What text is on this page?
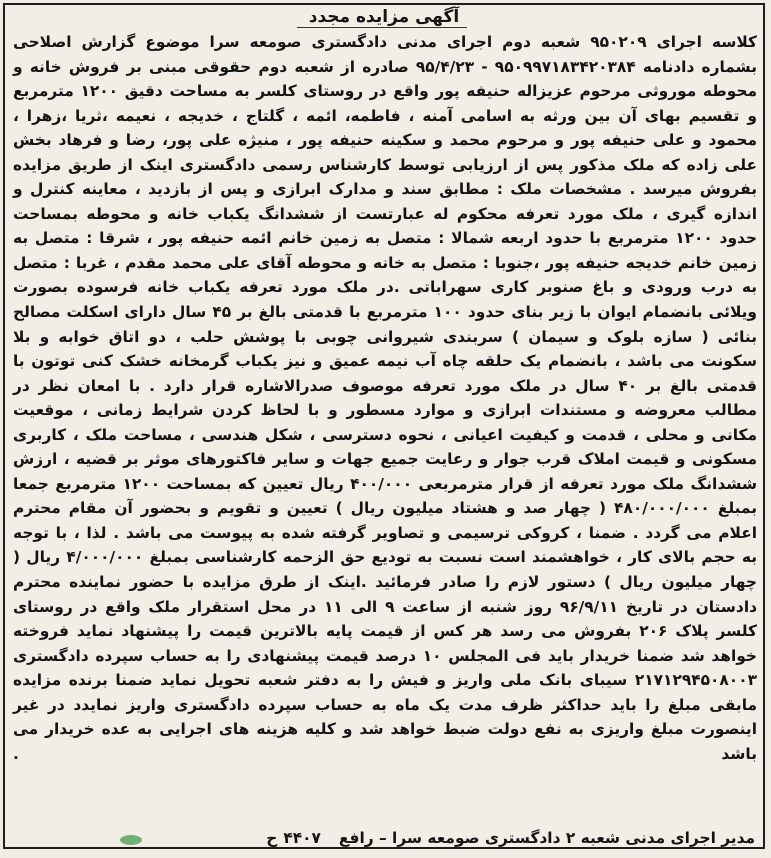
آگهی مزایده مجدد
کلاسه اجرای ۹۵۰۲۰۹ شعبه دوم اجرای مدنی دادگستری صومعه سرا موضوع گزارش اصلاحی بشماره دادنامه ۹۵۰۹۹۷۱۸۳۴۲۰۳۸۴ - ۹۵/۴/۲۳ صادره از شعبه دوم حقوقی مبنی بر فروش خانه و محوطه موروثی مرحوم عزیزاله حنیفه پور واقع در روستای کلسر به مساحت دقیق ۱۲۰۰ مترمربع و تقسیم بهای آن بین ورثه به اسامی آمنه ، فاطمه، ائمه ، گلتاج ، خدیجه ، نعیمه ،ثریا ،زهرا ، محمود و علی حنیفه پور و مرحوم محمد و سکینه حنیفه پور ، منیژه علی پور، رضا و فرهاد بخش علی زاده که ملک مذکور پس از ارزیابی توسط کارشناس رسمی دادگستری اینک از طریق مزایده بفروش میرسد . مشخصات ملک : مطابق سند و مدارک ابرازی و پس از بازدید ، معاینه کنترل و اندازه گیری ، ملک مورد تعرفه محکوم له عبارتست از ششدانگ یکباب خانه و محوطه بمساحت حدود ۱۲۰۰ مترمربع با حدود اربعه شمالا : متصل به زمین خانم ائمه حنیفه پور ، شرقا : متصل به زمین خانم خدیجه حنیفه پور ،جنوبا : متصل به خانه و محوطه آقای علی محمد مقدم ، غربا : متصل به درب ورودی و باغ صنوبر کاری سهراباتی .در ملک مورد تعرفه یکباب خانه فرسوده بصورت ویلائی بانضمام ایوان با زیر بنای حدود ۱۰۰ مترمربع با قدمتی بالغ بر ۴۵ سال دارای اسکلت مصالح بنائی ( سازه بلوک و سیمان ) سربندی شیروانی چوبی با پوشش حلب ، دو اتاق خوابه و بلا سکونت می باشد ، بانضمام یک حلقه چاه آب نیمه عمیق و نیز یکباب گرمخانه خشک کنی توتون با قدمتی بالغ بر ۴۰ سال در ملک مورد تعرفه موصوف صدرالاشاره قرار دارد . با امعان نظر در مطالب معروضه و مستندات ابرازی و موارد مسطور و با لحاظ کردن شرایط زمانی ، موقعیت مکانی و محلی ، قدمت و کیفیت اعیانی ، نحوه دسترسی ، شکل هندسی ، مساحت ملک ، کاربری مسکونی و قیمت املاک قرب جوار و رعایت جمیع جهات و سایر فاکتورهای موثر بر قضیه ، ارزش ششدانگ ملک مورد تعرفه از قرار مترمربعی ۴۰۰/۰۰۰ ریال تعیین که بمساحت ۱۲۰۰ مترمربع جمعا بمبلغ ۴۸۰/۰۰۰/۰۰۰ ( چهار صد و هشتاد میلیون ریال ) تعیین و تقویم و بحضور آن مقام محترم اعلام می گردد . ضمنا ، کروکی ترسیمی و تصاویر گرفته شده به پیوست می باشد . لذا ، با توجه به حجم بالای کار ، خواهشمند است نسبت به تودیع حق الزحمه کارشناسی بمبلغ ۴/۰۰۰/۰۰۰ ریال ( چهار میلیون ریال ) دستور لازم را صادر فرمائید .اینک از طرق مزایده با حضور نماینده محترم دادستان در تاریخ ۹۶/۹/۱۱ روز شنبه از ساعت ۹ الی ۱۱ در محل استقرار ملک واقع در روستای کلسر پلاک ۲۰۶ بفروش می رسد هر کس از قیمت پایه بالاترین قیمت را پیشنهاد نماید فروخته خواهد شد ضمنا خریدار باید فی المجلس ۱۰ درصد قیمت پیشنهادی را به حساب سپرده دادگستری ۲۱۷۱۲۹۴۵۰۸۰۰۳ سیبای بانک ملی واریز و فیش را به دفتر شعبه تحویل نماید ضمنا برنده مزایده مابقی مبلغ را باید حداکثر ظرف مدت یک ماه به حساب سپرده دادگستری واریز نمایدد در غیر اینصورت مبلغ واریزی به نفع دولت ضبط خواهد شد و کلیه هزینه های اجرایی به عده خریدار می باشد .
مدیر اجرای مدنی شعبه ۲ دادگستری صومعه سرا – رافع
۴۴۰۷
ح
